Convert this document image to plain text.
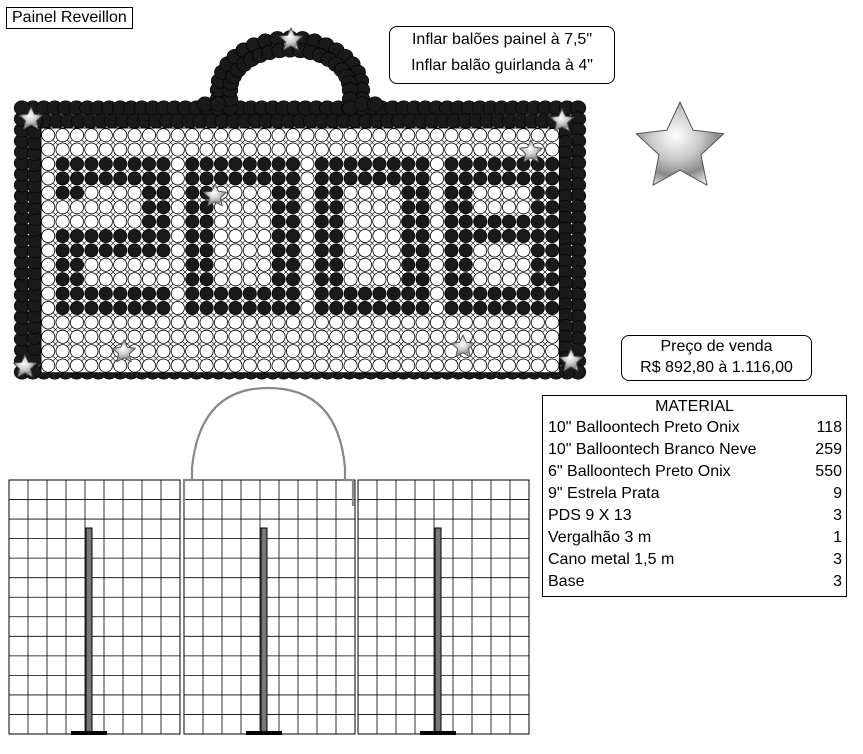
Painel Reveillon
Inflar balões painel à 7,5"
Inflar balão guirlanda à 4"
Preço de venda
R$ 892,80 à 1.116,00
MATERIAL
10" Balloontech Preto Onix	118
10" Balloontech Branco Neve	259
6" Balloontech Preto Onix	550
9" Estrela Prata	9
PDS 9 X 13	3
Vergalhão 3 m	1
Cano metal 1,5 m	3
Base	3
